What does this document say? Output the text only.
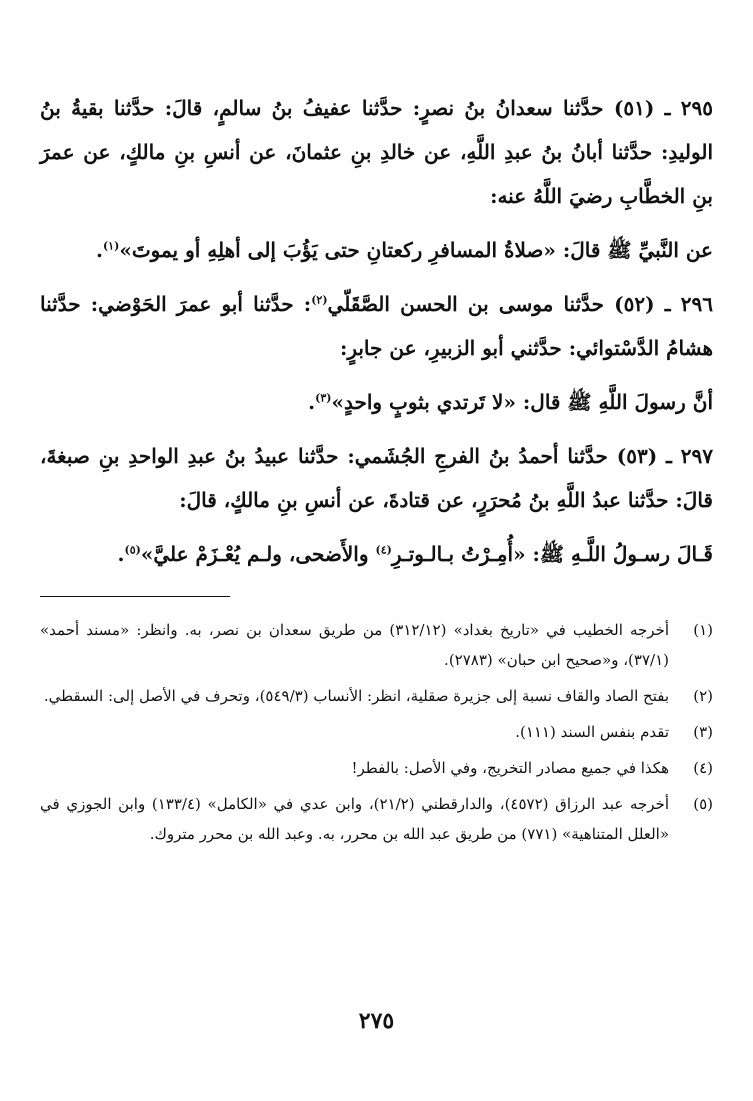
٢٩٥ ـ (٥١) حدَّثنا سعدانُ بنُ نصرٍ: حدَّثنا عفيفُ بنُ سالمٍ، قالَ: حدَّثنا بقيةُ بنُ الوليدِ: حدَّثنا أبانُ بنُ عبدِ اللَّهِ، عن خالدِ بنِ عثمانَ، عن أنسِ بنِ مالكٍ، عن عمرَ بنِ الخطَّابِ رضيَ اللَّهُ عنه:

عن النَّبيِّ ﷺ قالَ: «صلاةُ المسافرِ ركعتانِ حتى يَؤُبَ إلى أهلِهِ أو يموتَ»$^{(١)}$.

٢٩٦ ـ (٥٢) حدَّثنا موسى بن الحسن الصَّقَلّي$^{(٢)}$: حدَّثنا أبو عمرَ الحَوْضي: حدَّثنا هشامُ الدَّسْتوائي: حدَّثني أبو الزبيرِ، عن جابرٍ:

أنَّ رسولَ اللَّهِ ﷺ قال: «لا تَرتدي بثوبٍ واحدٍ»$^{(٣)}$.

٢٩٧ ـ (٥٣) حدَّثنا أحمدُ بنُ الفرجِ الجُشَمي: حدَّثنا عبيدُ بنُ عبدِ الواحدِ بنِ صبغةَ، قالَ: حدَّثنا عبدُ اللَّهِ بنُ مُحرَرٍ، عن قتادةَ، عن أنسِ بنِ مالكٍ، قالَ:

قَـالَ رسـولُ اللَّـهِ ﷺ: «أُمِـرْتُ بـالـوتـرِ$^{(٤)}$ والأَضحى، ولـم يُعْـزَمْ عليَّ»$^{(٥)}$.

(١)
أخرجه الخطيب في «تاريخ بغداد» (٣١٢/١٢) من طريق سعدان بن نصر، به. وانظر: «مسند أحمد» (٣٧/١)، و«صحيح ابن حبان» (٢٧٨٣).
(٢)
بفتح الصاد والقاف نسبة إلى جزيرة صقلية، انظر: الأنساب (٥٤٩/٣)، وتحرف في الأصل إلى: السقطي.
(٣)
تقدم بنفس السند (١١١).
(٤)
هكذا في جميع مصادر التخريج، وفي الأصل: بالفطر!
(٥)
أخرجه عبد الرزاق (٤٥٧٢)، والدارقطني (٢١/٢)، وابن عدي في «الكامل» (١٣٣/٤) وابن الجوزي في «العلل المتناهية» (٧٧١) من طريق عبد الله بن محرر، به. وعبد الله بن محرر متروك.
٢٧٥
